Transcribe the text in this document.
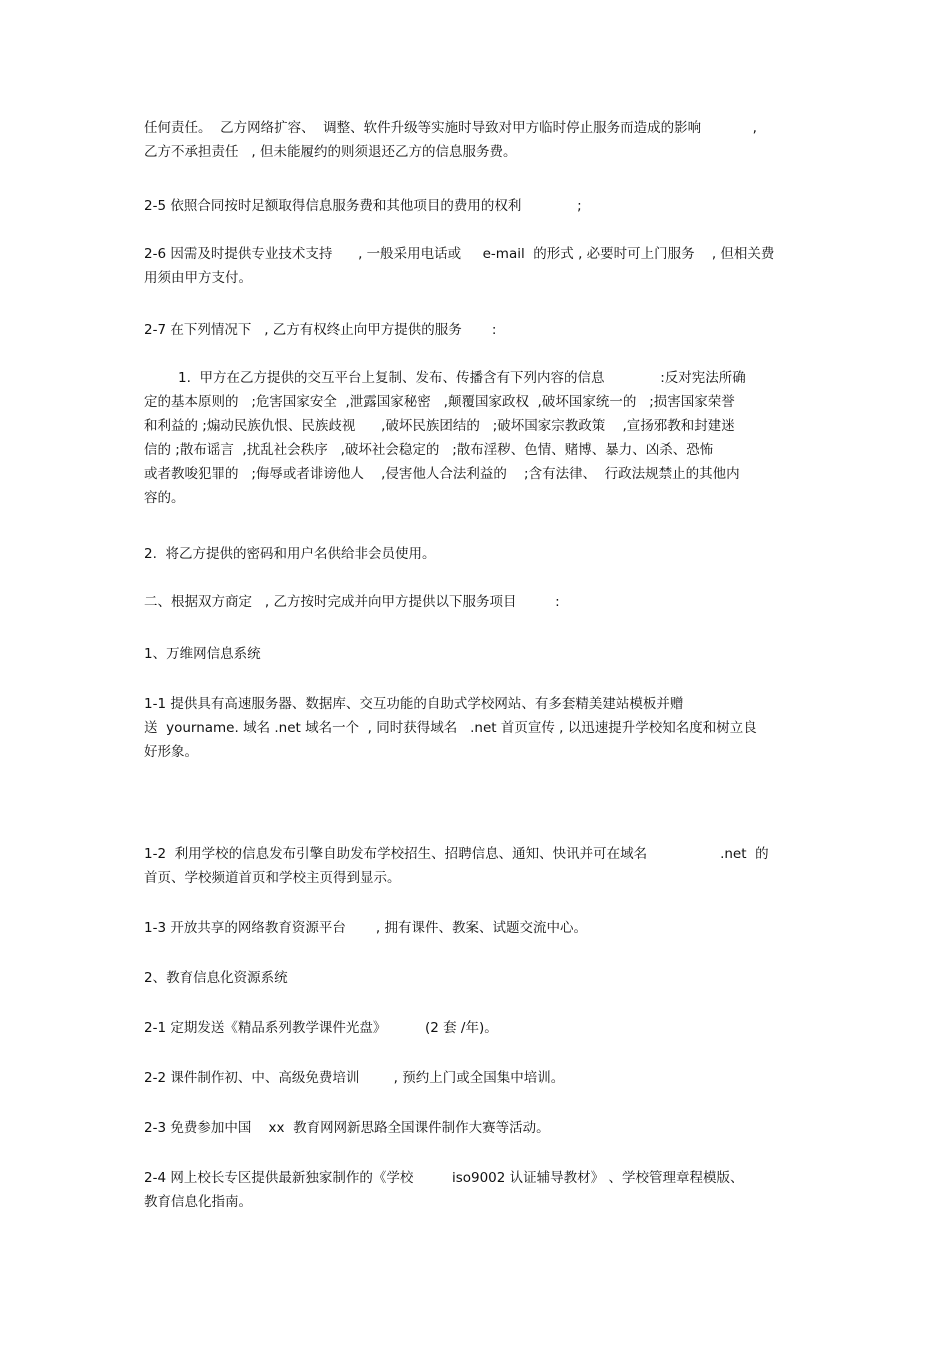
任何责任。  乙方网络扩容、  调整、软件升级等实施时导致对甲方临时停止服务而造成的影响            ,
乙方不承担责任   , 但未能履约的则须退还乙方的信息服务费。
2-5 依照合同按时足额取得信息服务费和其他项目的费用的权利             ;
2-6 因需及时提供专业技术支持      , 一般采用电话或     e-mail  的形式 , 必要时可上门服务    , 但相关费
用须由甲方支付。
2-7 在下列情况下   , 乙方有权终止向甲方提供的服务       :
1.  甲方在乙方提供的交互平台上复制、发布、传播含有下列内容的信息             :反对宪法所确
定的基本原则的   ;危害国家安全  ,泄露国家秘密   ,颠覆国家政权  ,破坏国家统一的   ;损害国家荣誉
和利益的 ;煽动民族仇恨、民族歧视      ,破坏民族团结的   ;破坏国家宗教政策    ,宣扬邪教和封建迷
信的 ;散布谣言  ,扰乱社会秩序   ,破坏社会稳定的   ;散布淫秽、色情、赌博、暴力、凶杀、恐怖
或者教唆犯罪的   ;侮辱或者诽谤他人    ,侵害他人合法利益的    ;含有法律、  行政法规禁止的其他内
容的。
2.  将乙方提供的密码和用户名供给非会员使用。
二、根据双方商定   , 乙方按时完成并向甲方提供以下服务项目         :
1、万维网信息系统
1-1 提供具有高速服务器、数据库、交互功能的自助式学校网站、有多套精美建站模板并赠
送  yourname. 域名 .net 域名一个  , 同时获得域名   .net 首页宣传 , 以迅速提升学校知名度和树立良
好形象。
1-2  利用学校的信息发布引擎自助发布学校招生、招聘信息、通知、快讯并可在域名                 .net  的
首页、学校频道首页和学校主页得到显示。
1-3 开放共享的网络教育资源平台       , 拥有课件、教案、试题交流中心。
2、教育信息化资源系统
2-1 定期发送《精品系列教学课件光盘》         (2 套 /年)。
2-2 课件制作初、中、高级免费培训        , 预约上门或全国集中培训。
2-3 免费参加中国    xx  教育网网新思路全国课件制作大赛等活动。
2-4 网上校长专区提供最新独家制作的《学校         iso9002 认证辅导教材》 、学校管理章程模版、
教育信息化指南。
